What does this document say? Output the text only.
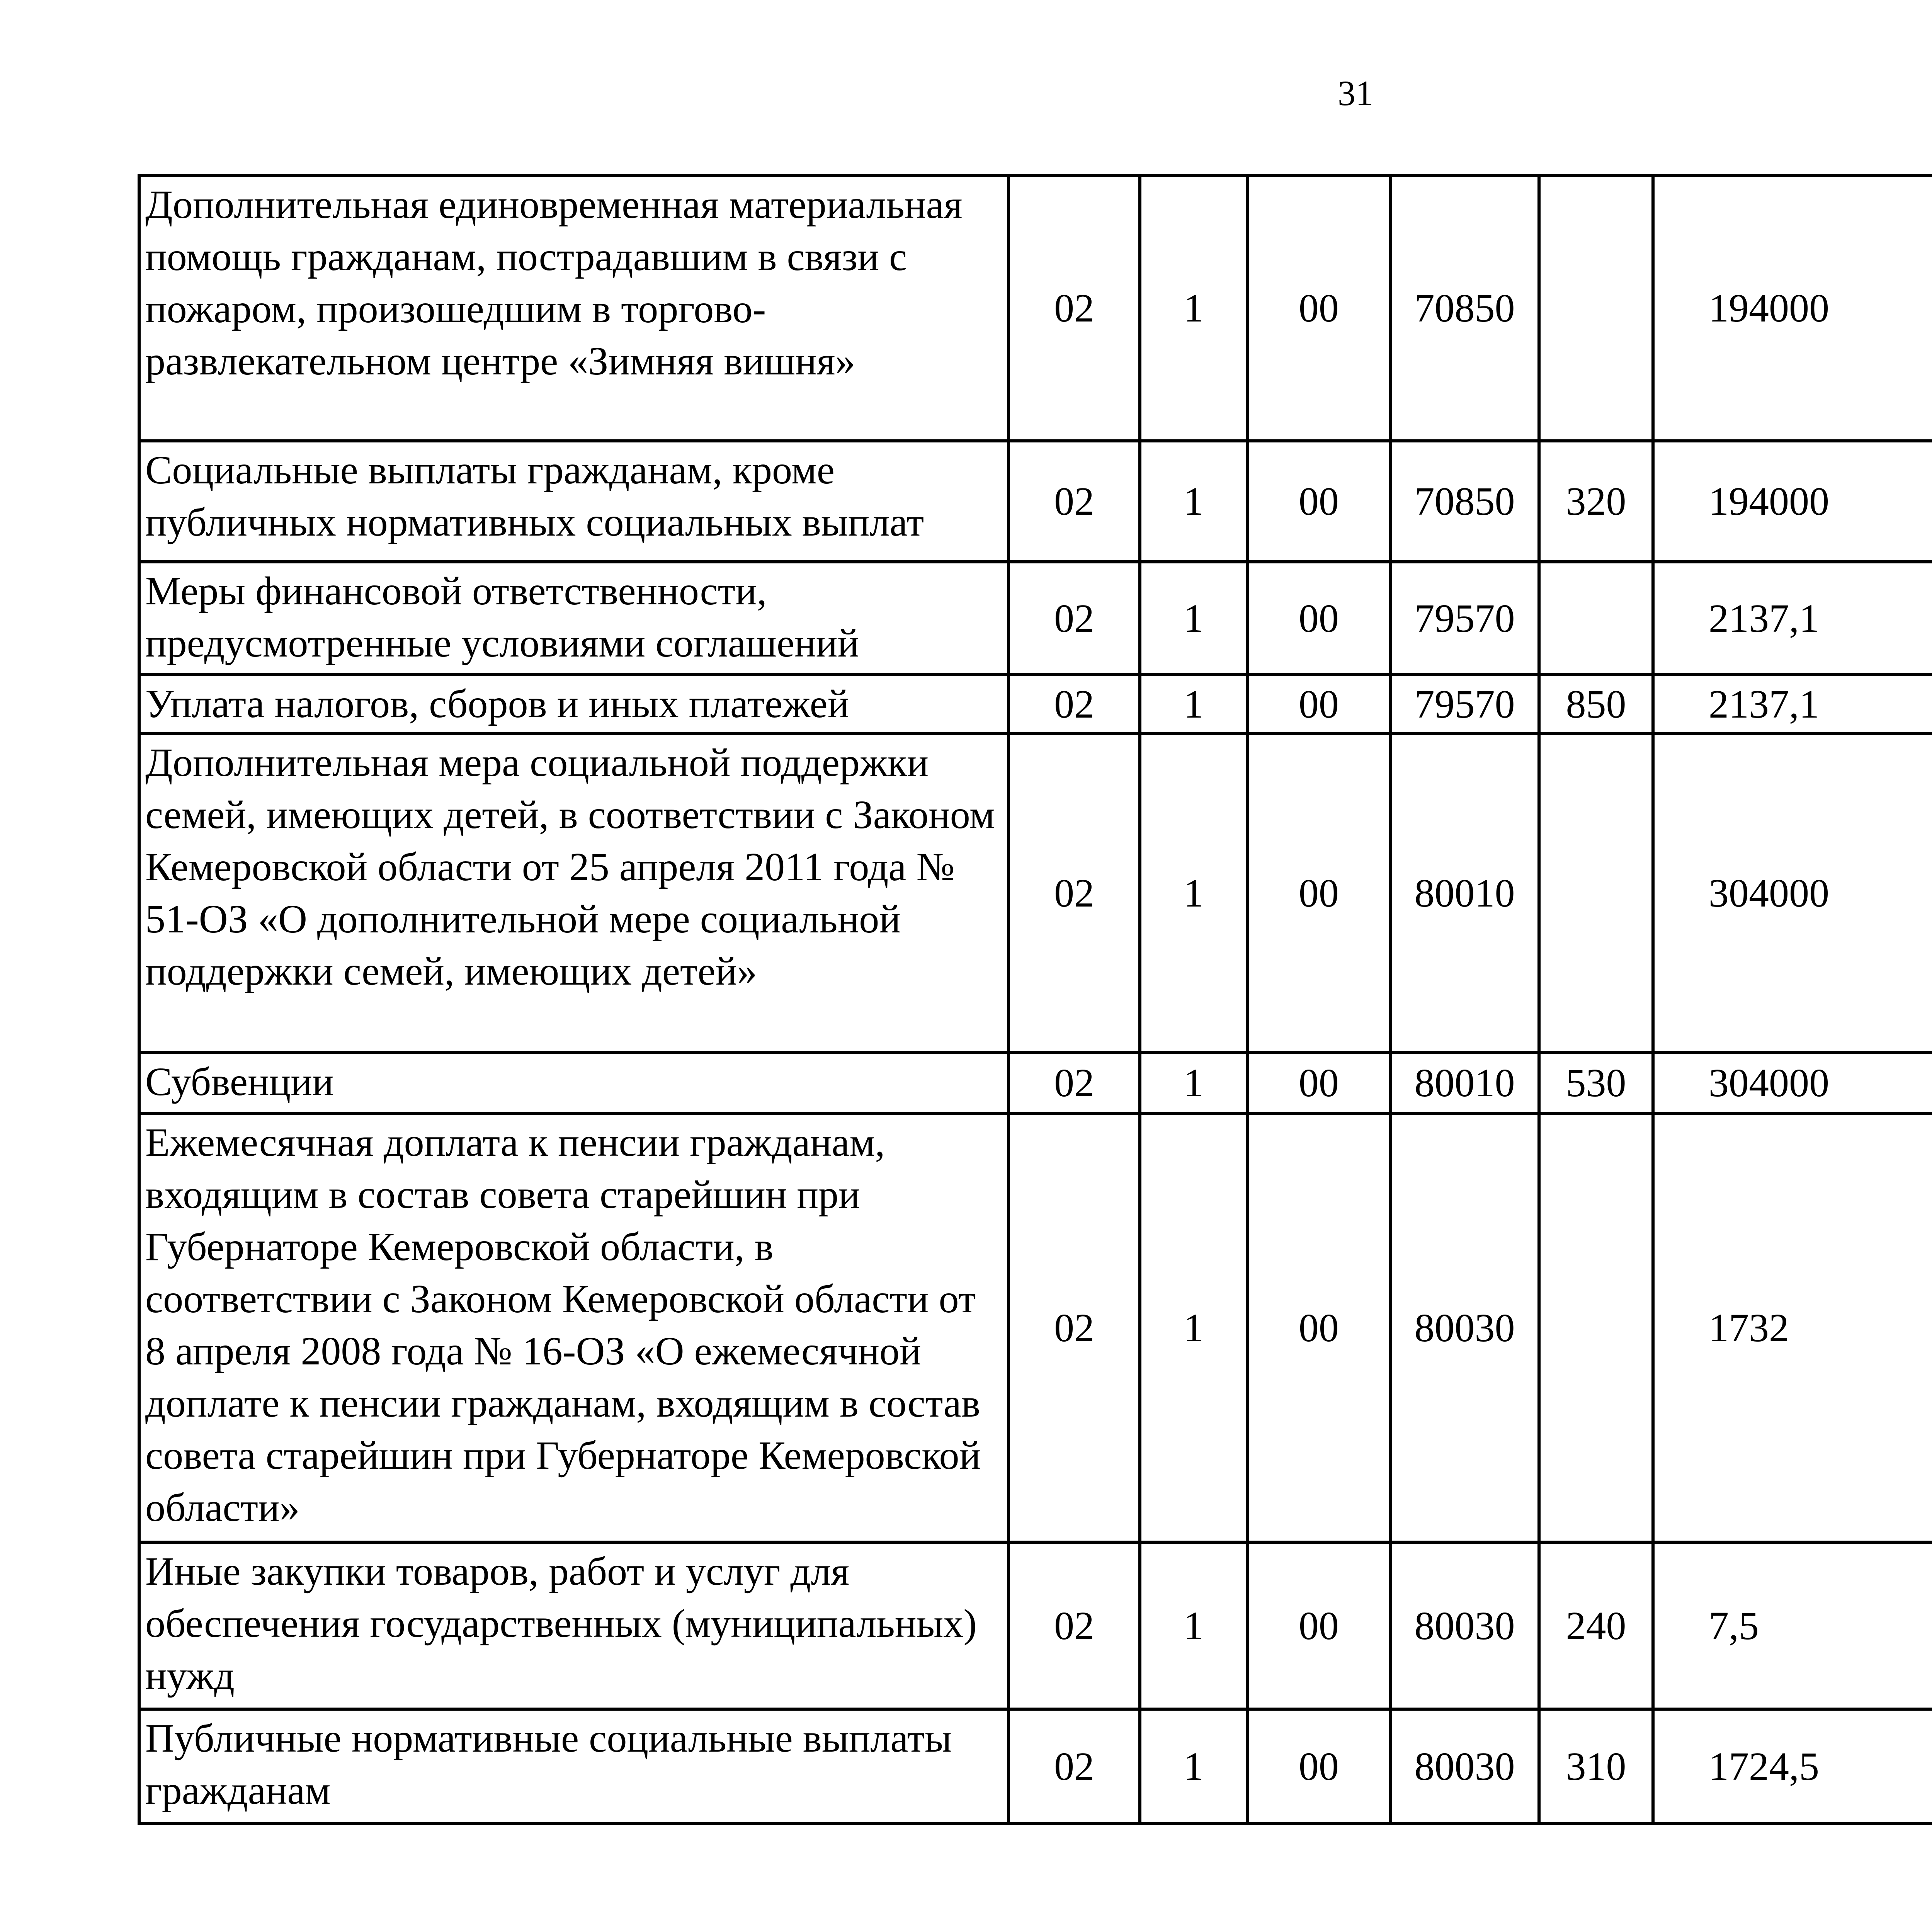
31
Дополнительная единовременная материальная помощь гражданам, пострадавшим в связи с пожаром, произошедшим в торгово-развлекательном центре «Зимняя вишня»	02	1	00	70850		194000		
Социальные выплаты гражданам, кроме публичных нормативных социальных выплат	02	1	00	70850	320	194000		
Меры финансовой ответственности, предусмотренные условиями соглашений	02	1	00	79570		2137,1		
Уплата налогов, сборов и иных платежей	02	1	00	79570	850	2137,1		
Дополнительная мера социальной поддержки семей, имеющих детей, в соответствии с Законом Кемеровской области от 25 апреля 2011 года № 51-ОЗ «О дополнительной мере социальной поддержки семей, имеющих детей»	02	1	00	80010		304000		
Субвенции	02	1	00	80010	530	304000		
Ежемесячная доплата к пенсии гражданам, входящим в состав совета старейшин при Губернаторе Кемеровской области, в соответствии с Законом Кемеровской области от 8 апреля 2008 года № 16-ОЗ «О ежемесячной доплате к пенсии гражданам, входящим в состав совета старейшин при Губернаторе Кемеровской области»	02	1	00	80030		1732		
Иные закупки товаров, работ и услуг для обеспечения государственных (муниципальных) нужд	02	1	00	80030	240	7,5		
Публичные нормативные социальные выплаты гражданам	02	1	00	80030	310	1724,5		
